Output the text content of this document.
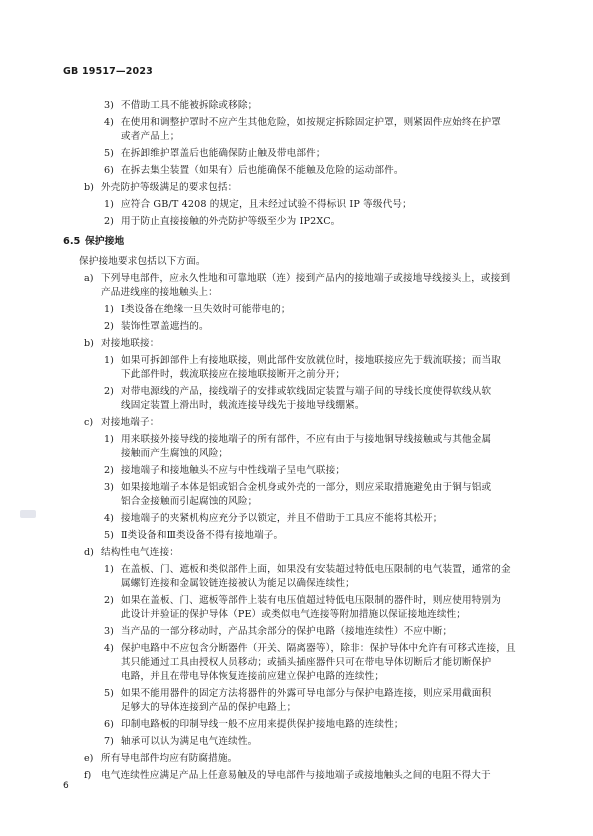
GB 19517—2023
6.5 保护接地
3) 不借助工具不能被拆除或移除；
4) 在使用和调整护罩时不应产生其他危险，如按规定拆除固定护罩，则紧固件应始终在护罩
或者产品上；
5) 在拆卸维护罩盖后也能确保防止触及带电部件；
6) 在拆去集尘装置（如果有）后也能确保不能触及危险的运动部件。
b) 外壳防护等级满足的要求包括：
1) 应符合 GB/T 4208 的规定，且未经过试验不得标识 IP 等级代号；
2) 用于防止直接接触的外壳防护等级至少为 IP2XC。
保护接地要求包括以下方面。
a) 下列导电部件，应永久性地和可靠地联（连）接到产品内的接地端子或接地导线接头上，或接到
产品进线座的接地触头上：
1) Ⅰ类设备在绝缘一旦失效时可能带电的；
2) 装饰性罩盖遮挡的。
b) 对接地联接：
1) 如果可拆卸部件上有接地联接，则此部件安放就位时，接地联接应先于载流联接；而当取
下此部件时，载流联接应在接地联接断开之前分开；
2) 对带电源线的产品，接线端子的安排或软线固定装置与端子间的导线长度使得软线从软
线固定装置上滑出时，载流连接导线先于接地导线绷紧。
c) 对接地端子：
1) 用来联接外接导线的接地端子的所有部件，不应有由于与接地铜导线接触或与其他金属
接触而产生腐蚀的风险；
2) 接地端子和接地触头不应与中性线端子呈电气联接；
3) 如果接地端子本体是铝或铝合金机身或外壳的一部分，则应采取措施避免由于铜与铝或
铝合金接触而引起腐蚀的风险；
4) 接地端子的夹紧机构应充分予以锁定，并且不借助于工具应不能将其松开；
5) Ⅱ类设备和Ⅲ类设备不得有接地端子。
d) 结构性电气连接：
1) 在盖板、门、遮板和类似部件上面，如果没有安装超过特低电压限制的电气装置，通常的金
属螺钉连接和金属铰链连接被认为能足以确保连续性；
2) 如果在盖板、门、遮板等部件上装有电压值超过特低电压限制的器件时，则应使用特别为
此设计并验证的保护导体（PE）或类似电气连接等附加措施以保证接地连续性；
3) 当产品的一部分移动时，产品其余部分的保护电路（接地连续性）不应中断；
4) 保护电路中不应包含分断器件（开关、隔离器等），除非：保护导体中允许有可移式连接，且
其只能通过工具由授权人员移动；或插头插座器件只可在带电导体切断后才能切断保护
电路，并且在带电导体恢复连接前应建立保护电路的连续性；
5) 如果不能用器件的固定方法将器件的外露可导电部分与保护电路连接，则应采用截面积
足够大的导体连接到产品的保护电路上；
6) 印制电路板的印制导线一般不应用来提供保护接地电路的连续性；
7) 轴承可以认为满足电气连续性。
e) 所有导电部件均应有防腐措施。
f) 电气连续性应满足产品上任意易触及的导电部件与接地端子或接地触头之间的电阻不得大于
6
